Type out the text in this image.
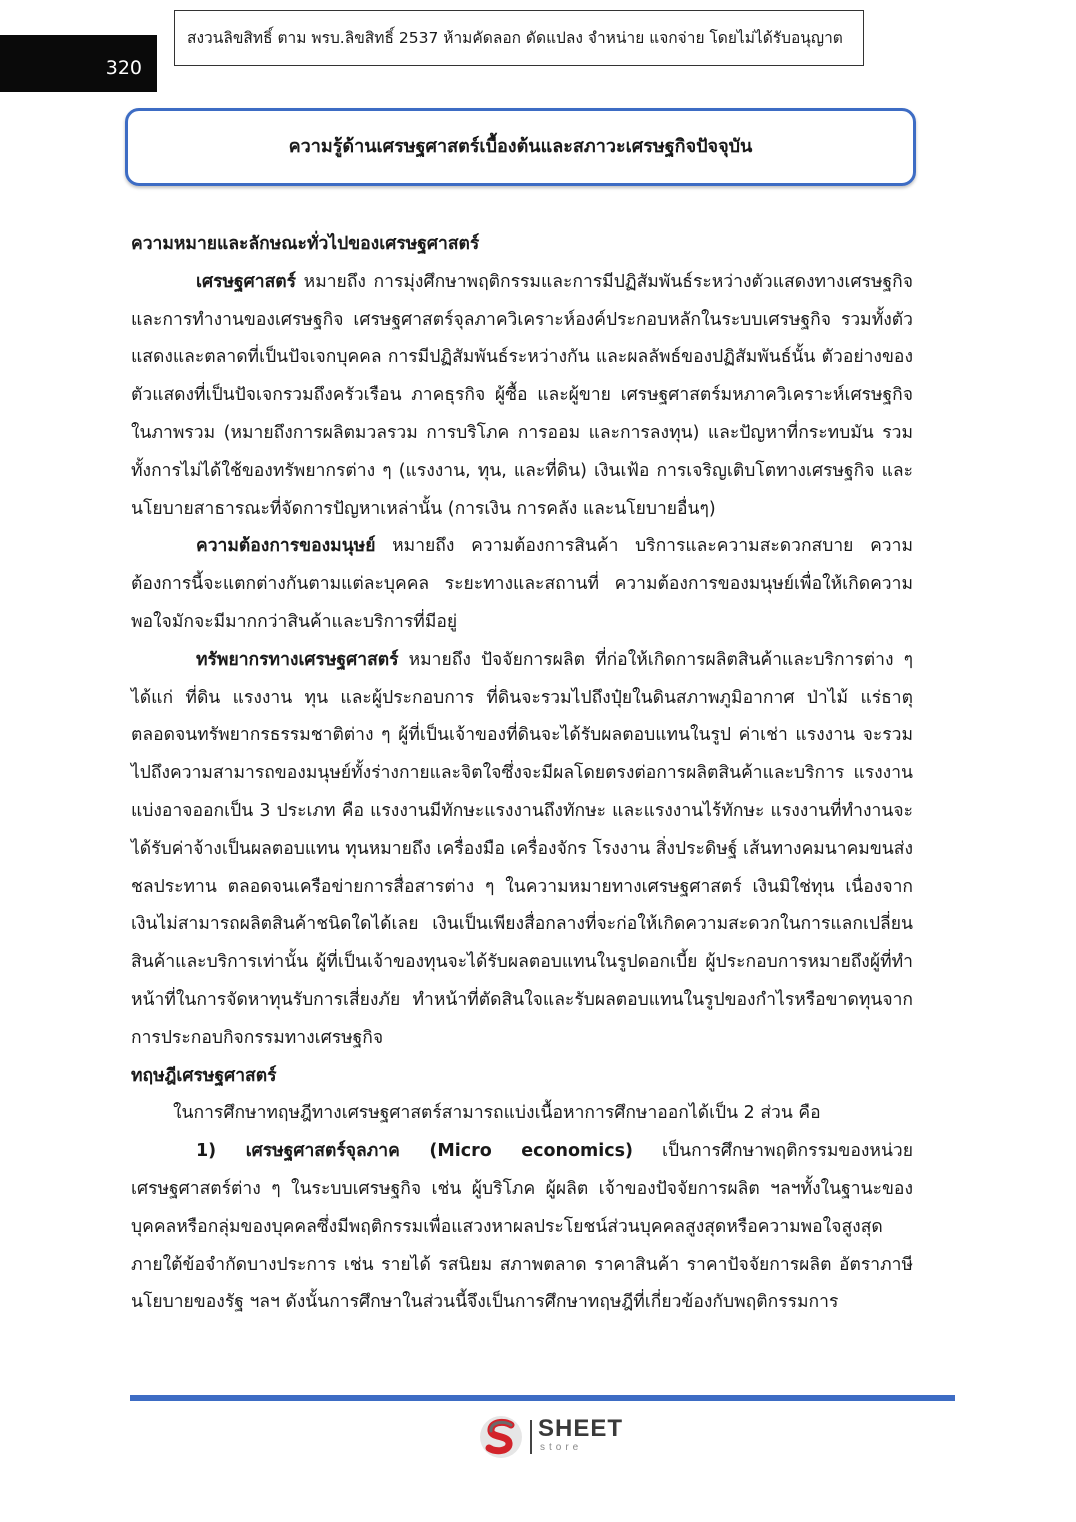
320
สงวนลิขสิทธิ์ ตาม พรบ.ลิขสิทธิ์ 2537 ห้ามคัดลอก ดัดแปลง จำหน่าย แจกจ่าย โดยไม่ได้รับอนุญาต
ความรู้ด้านเศรษฐศาสตร์เบื้องต้นและสภาวะเศรษฐกิจปัจจุบัน

ความหมายและลักษณะทั่วไปของเศรษฐศาสตร์

เศรษฐศาสตร์ หมายถึง การมุ่งศึกษาพฤติกรรมและการมีปฏิสัมพันธ์ระหว่างตัวแสดงทางเศรษฐกิจและการทำงานของเศรษฐกิจ เศรษฐศาสตร์จุลภาควิเคราะห์องค์ประกอบหลักในระบบเศรษฐกิจ รวมทั้งตัวแสดงและตลาดที่เป็นปัจเจกบุคคล การมีปฏิสัมพันธ์ระหว่างกัน และผลลัพธ์ของปฏิสัมพันธ์นั้น ตัวอย่างของตัวแสดงที่เป็นปัจเจกรวมถึงครัวเรือน ภาคธุรกิจ ผู้ซื้อ และผู้ขาย เศรษฐศาสตร์มหภาควิเคราะห์เศรษฐกิจในภาพรวม (หมายถึงการผลิตมวลรวม การบริโภค การออม และการลงทุน) และปัญหาที่กระทบมัน รวมทั้งการไม่ได้ใช้ของทรัพยากรต่าง ๆ (แรงงาน, ทุน, และที่ดิน) เงินเฟ้อ การเจริญเติบโตทางเศรษฐกิจ และนโยบายสาธารณะที่จัดการปัญหาเหล่านั้น (การเงิน การคลัง และนโยบายอื่นๆ)

ความต้องการของมนุษย์ หมายถึง ความต้องการสินค้า บริการและความสะดวกสบาย ความต้องการนี้จะแตกต่างกันตามแต่ละบุคคล ระยะทางและสถานที่ ความต้องการของมนุษย์เพื่อให้เกิดความพอใจมักจะมีมากกว่าสินค้าและบริการที่มีอยู่

ทรัพยากรทางเศรษฐศาสตร์ หมายถึง ปัจจัยการผลิต ที่ก่อให้เกิดการผลิตสินค้าและบริการต่าง ๆ ได้แก่ ที่ดิน แรงงาน ทุน และผู้ประกอบการ ที่ดินจะรวมไปถึงปุ๋ยในดินสภาพภูมิอากาศ ป่าไม้ แร่ธาตุ ตลอดจนทรัพยากรธรรมชาติต่าง ๆ ผู้ที่เป็นเจ้าของที่ดินจะได้รับผลตอบแทนในรูป ค่าเช่า แรงงาน จะรวมไปถึงความสามารถของมนุษย์ทั้งร่างกายและจิตใจซึ่งจะมีผลโดยตรงต่อการผลิตสินค้าและบริการ แรงงานแบ่งอาจออกเป็น 3 ประเภท คือ แรงงานมีทักษะแรงงานถึงทักษะ และแรงงานไร้ทักษะ แรงงานที่ทำงานจะได้รับค่าจ้างเป็นผลตอบแทน ทุนหมายถึง เครื่องมือ เครื่องจักร โรงงาน สิ่งประดิษฐ์ เส้นทางคมนาคมขนส่ง ชลประทาน ตลอดจนเครือข่ายการสื่อสารต่าง ๆ ในความหมายทางเศรษฐศาสตร์ เงินมิใช่ทุน เนื่องจากเงินไม่สามารถผลิตสินค้าชนิดใดได้เลย เงินเป็นเพียงสื่อกลางที่จะก่อให้เกิดความสะดวกในการแลกเปลี่ยนสินค้าและบริการเท่านั้น ผู้ที่เป็นเจ้าของทุนจะได้รับผลตอบแทนในรูปดอกเบี้ย ผู้ประกอบการหมายถึงผู้ที่ทำหน้าที่ในการจัดหาทุนรับการเสี่ยงภัย ทำหน้าที่ตัดสินใจและรับผลตอบแทนในรูปของกำไรหรือขาดทุนจากการประกอบกิจกรรมทางเศรษฐกิจ

ทฤษฎีเศรษฐศาสตร์

ในการศึกษาทฤษฎีทางเศรษฐศาสตร์สามารถแบ่งเนื้อหาการศึกษาออกได้เป็น 2 ส่วน คือ

1) เศรษฐศาสตร์จุลภาค (Micro economics) เป็นการศึกษาพฤติกรรมของหน่วยเศรษฐศาสตร์ต่าง ๆ ในระบบเศรษฐกิจ เช่น ผู้บริโภค ผู้ผลิต เจ้าของปัจจัยการผลิต ฯลฯทั้งในฐานะของบุคคลหรือกลุ่มของบุคคลซึ่งมีพฤติกรรมเพื่อแสวงหาผลประโยชน์ส่วนบุคคลสูงสุดหรือความพอใจสูงสุดภายใต้ข้อจำกัดบางประการ เช่น รายได้ รสนิยม สภาพตลาด ราคาสินค้า ราคาปัจจัยการผลิต อัตราภาษี นโยบายของรัฐ ฯลฯ ดังนั้นการศึกษาในส่วนนี้จึงเป็นการศึกษาทฤษฎีที่เกี่ยวข้องกับพฤติกรรมการ

SHEET
store
